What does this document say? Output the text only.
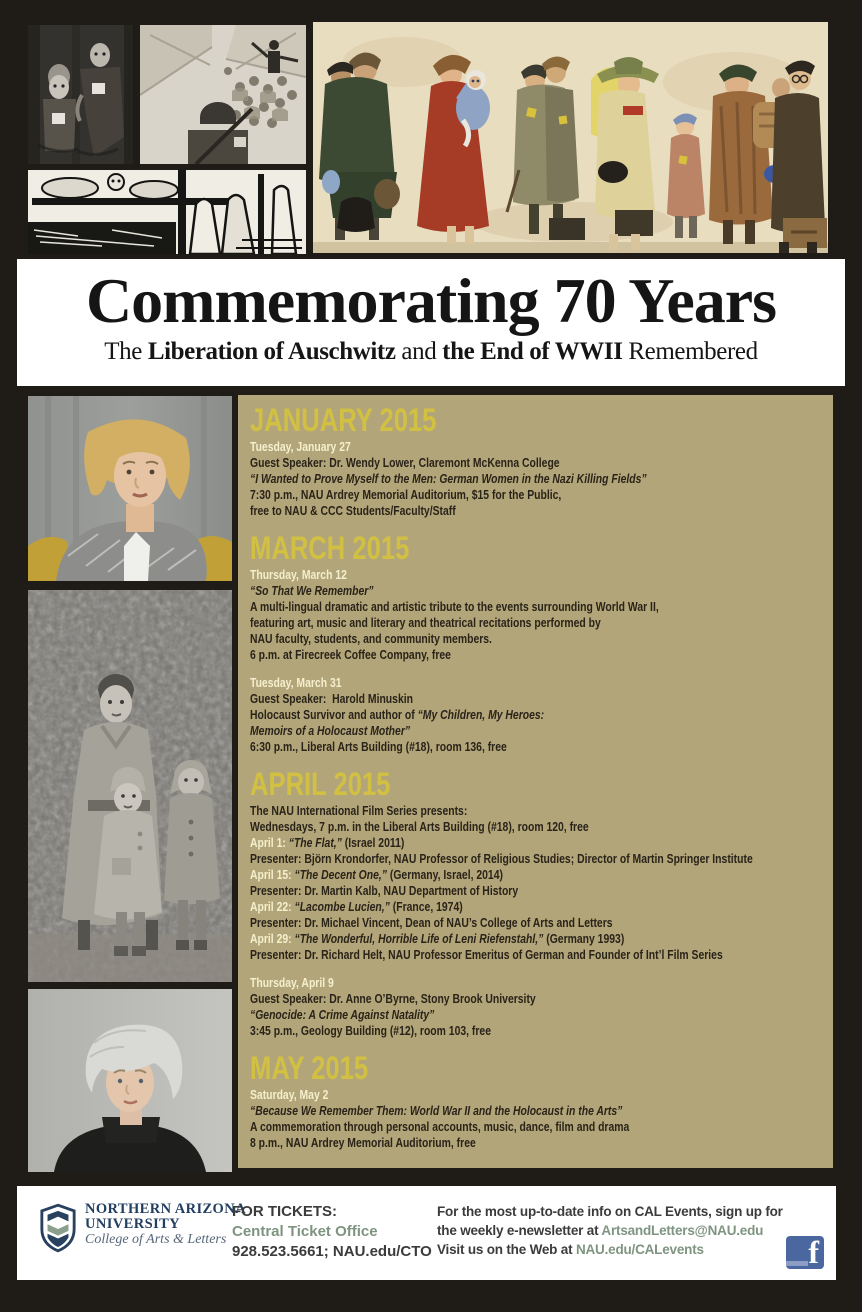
Commemorating 70 Years
The Liberation of Auschwitz and the End of WWII Remembered
JANUARY 2015
Tuesday, January 27
Guest Speaker: Dr. Wendy Lower, Claremont McKenna College
“I Wanted to Prove Myself to the Men: German Women in the Nazi Killing Fields”
7:30 p.m., NAU Ardrey Memorial Auditorium, $15 for the Public,
free to NAU & CCC Students/Faculty/Staff
MARCH 2015
Thursday, March 12
“So That We Remember”
A multi-lingual dramatic and artistic tribute to the events surrounding World War II,
featuring art, music and literary and theatrical recitations performed by
NAU faculty, students, and community members.
6 p.m. at Firecreek Coffee Company, free
Tuesday, March 31
Guest Speaker:  Harold Minuskin
Holocaust Survivor and author of “My Children, My Heroes:
Memoirs of a Holocaust Mother”
6:30 p.m., Liberal Arts Building (#18), room 136, free
APRIL 2015
The NAU International Film Series presents:
Wednesdays, 7 p.m. in the Liberal Arts Building (#18), room 120, free
April 1: “The Flat,” (Israel 2011)
Presenter: Björn Krondorfer, NAU Professor of Religious Studies; Director of Martin Springer Institute
April 15: “The Decent One,” (Germany, Israel, 2014)
Presenter: Dr. Martin Kalb, NAU Department of History
April 22: “Lacombe Lucien,” (France, 1974)
Presenter: Dr. Michael Vincent, Dean of NAU’s College of Arts and Letters
April 29: “The Wonderful, Horrible Life of Leni Riefenstahl,” (Germany 1993)
Presenter: Dr. Richard Helt, NAU Professor Emeritus of German and Founder of Int’l Film Series
Thursday, April 9
Guest Speaker: Dr. Anne O’Byrne, Stony Brook University
“Genocide: A Crime Against Natality”
3:45 p.m., Geology Building (#12), room 103, free
MAY 2015
Saturday, May 2
“Because We Remember Them: World War II and the Holocaust in the Arts”
A commemoration through personal accounts, music, dance, film and drama
8 p.m., NAU Ardrey Memorial Auditorium, free
NORTHERN ARIZONA
UNIVERSITY
College of Arts & Letters
FOR TICKETS:
Central Ticket Office
928.523.5661; NAU.edu/CTO
For the most up-to-date info on CAL Events, sign up for
the weekly e-newsletter at ArtsandLetters@NAU.edu
Visit us on the Web at NAU.edu/CALevents	f
